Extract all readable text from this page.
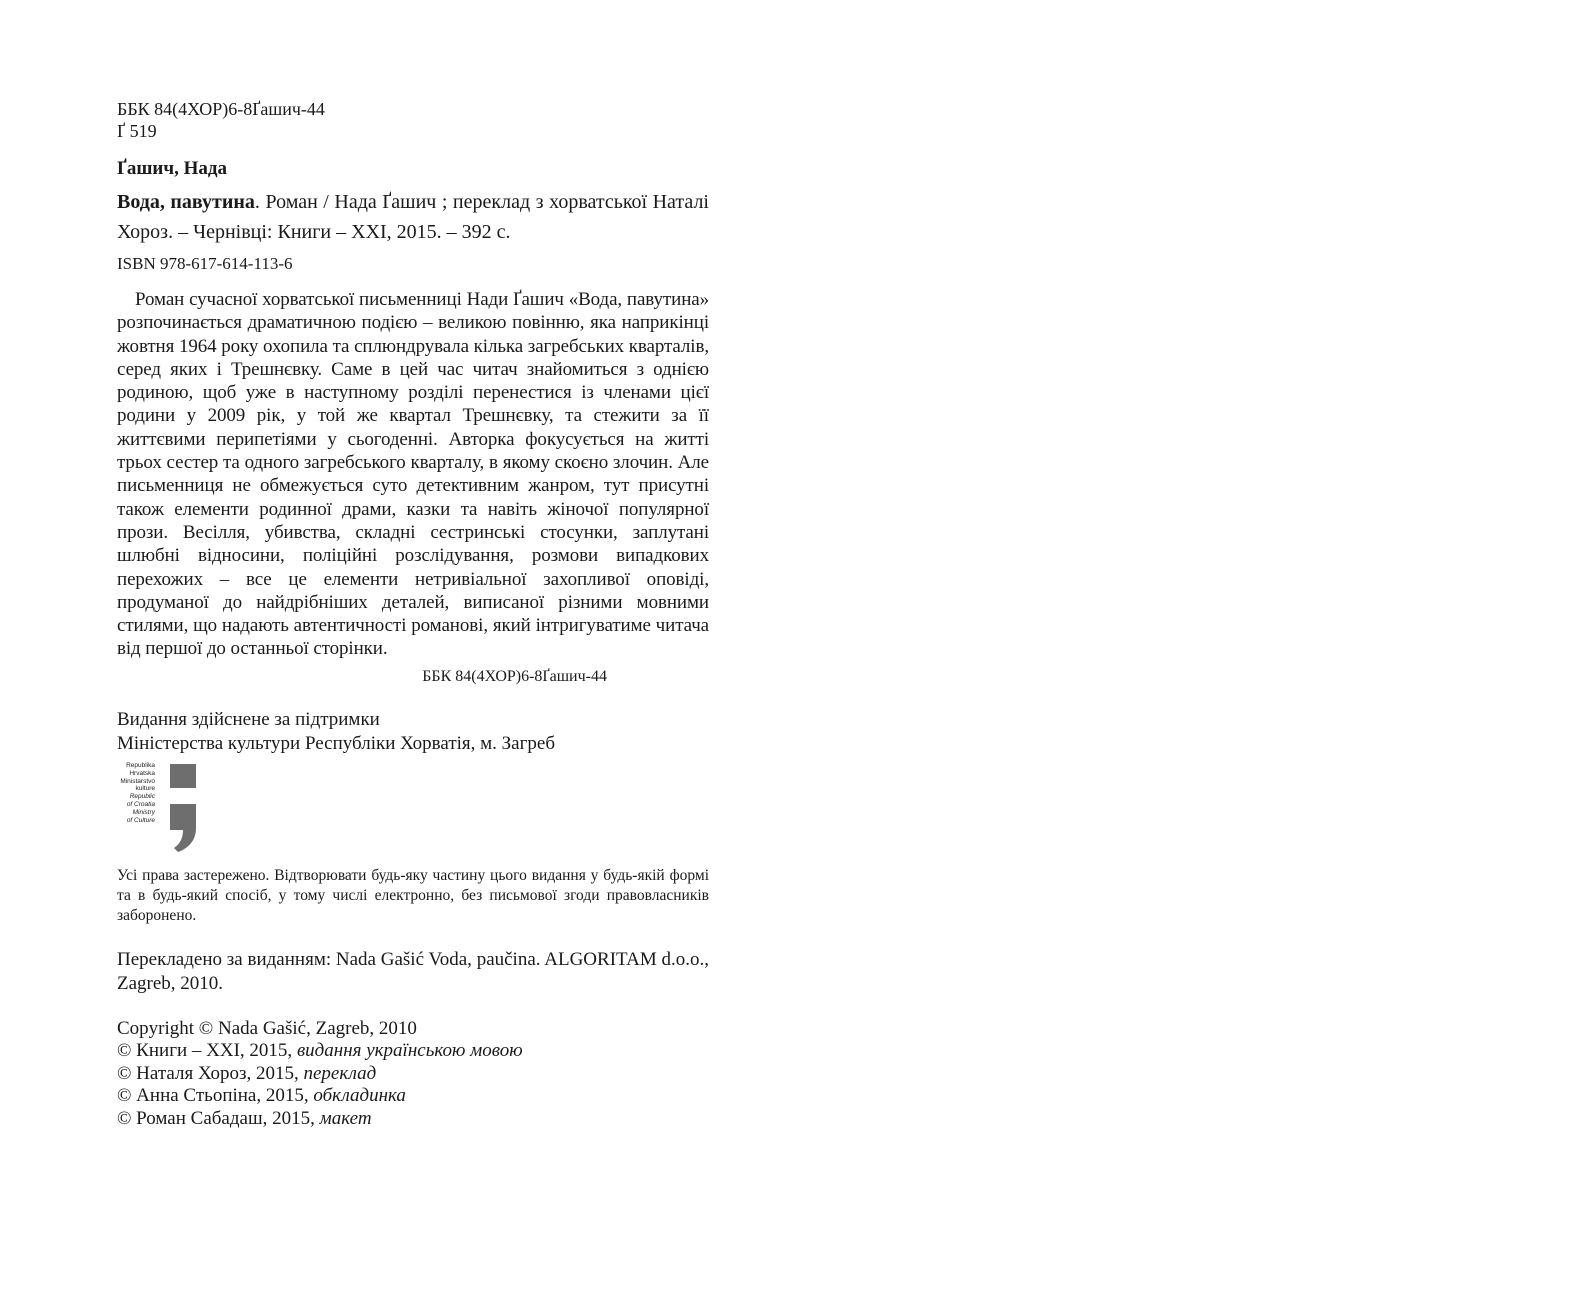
ББК 84(4ХОР)6-8Ґашич-44
Ґ 519
Ґашич, Нада
Вода, павутина. Роман / Нада Ґашич ; переклад з хорватської Наталі Хороз. – Чернівці: Книги – ХХІ, 2015. – 392 с.
ISBN 978-617-614-113-6
Роман сучасної хорватської письменниці Нади Ґашич «Вода, павутина» розпочинається драматичною подією – великою повінню, яка наприкінці жовтня 1964 року охопила та сплюндрувала кілька загребських кварталів, серед яких і Трешнєвку. Саме в цей час читач знайомиться з однією родиною, щоб уже в наступному розділі перенестися із членами цієї родини у 2009 рік, у той же квартал Трешнєвку, та стежити за її життєвими перипетіями у сьогоденні. Авторка фокусується на житті трьох сестер та одного загребського кварталу, в якому скоєно злочин. Але письменниця не обмежується суто детективним жанром, тут присутні також елементи родинної драми, казки та навіть жіночої популярної прози. Весілля, убивства, складні сестринські стосунки, заплутані шлюбні відносини, поліційні розслідування, розмови випадкових перехожих – все це елементи нетривіальної захопливої оповіді, продуманої до найдрібніших деталей, виписаної різними мовними стилями, що надають автентичності романові, який інтригуватиме читача від першої до останньої сторінки.
ББК 84(4ХОР)6-8Ґашич-44
Видання здійснене за підтримки
Міністерства культури Республіки Хорватія, м. Загреб
Republika
Hrvatska
Ministarstvo
kulture
Republic
of Croatia
Ministry
of Culture
Усі права застережено. Відтворювати будь-яку частину цього видання у будь-якій формі та в будь-який спосіб, у тому числі електронно, без письмової згоди правовласників заборонено.
Перекладено за виданням: Nada Gašić Voda, paučina. ALGORITAM d.o.o., Zagreb, 2010.
Copyright © Nada Gašić, Zagreb, 2010
© Книги – ХХІ, 2015, видання українською мовою
© Наталя Хороз, 2015, переклад
© Анна Стьопіна, 2015, обкладинка
© Роман Сабадаш, 2015, макет
